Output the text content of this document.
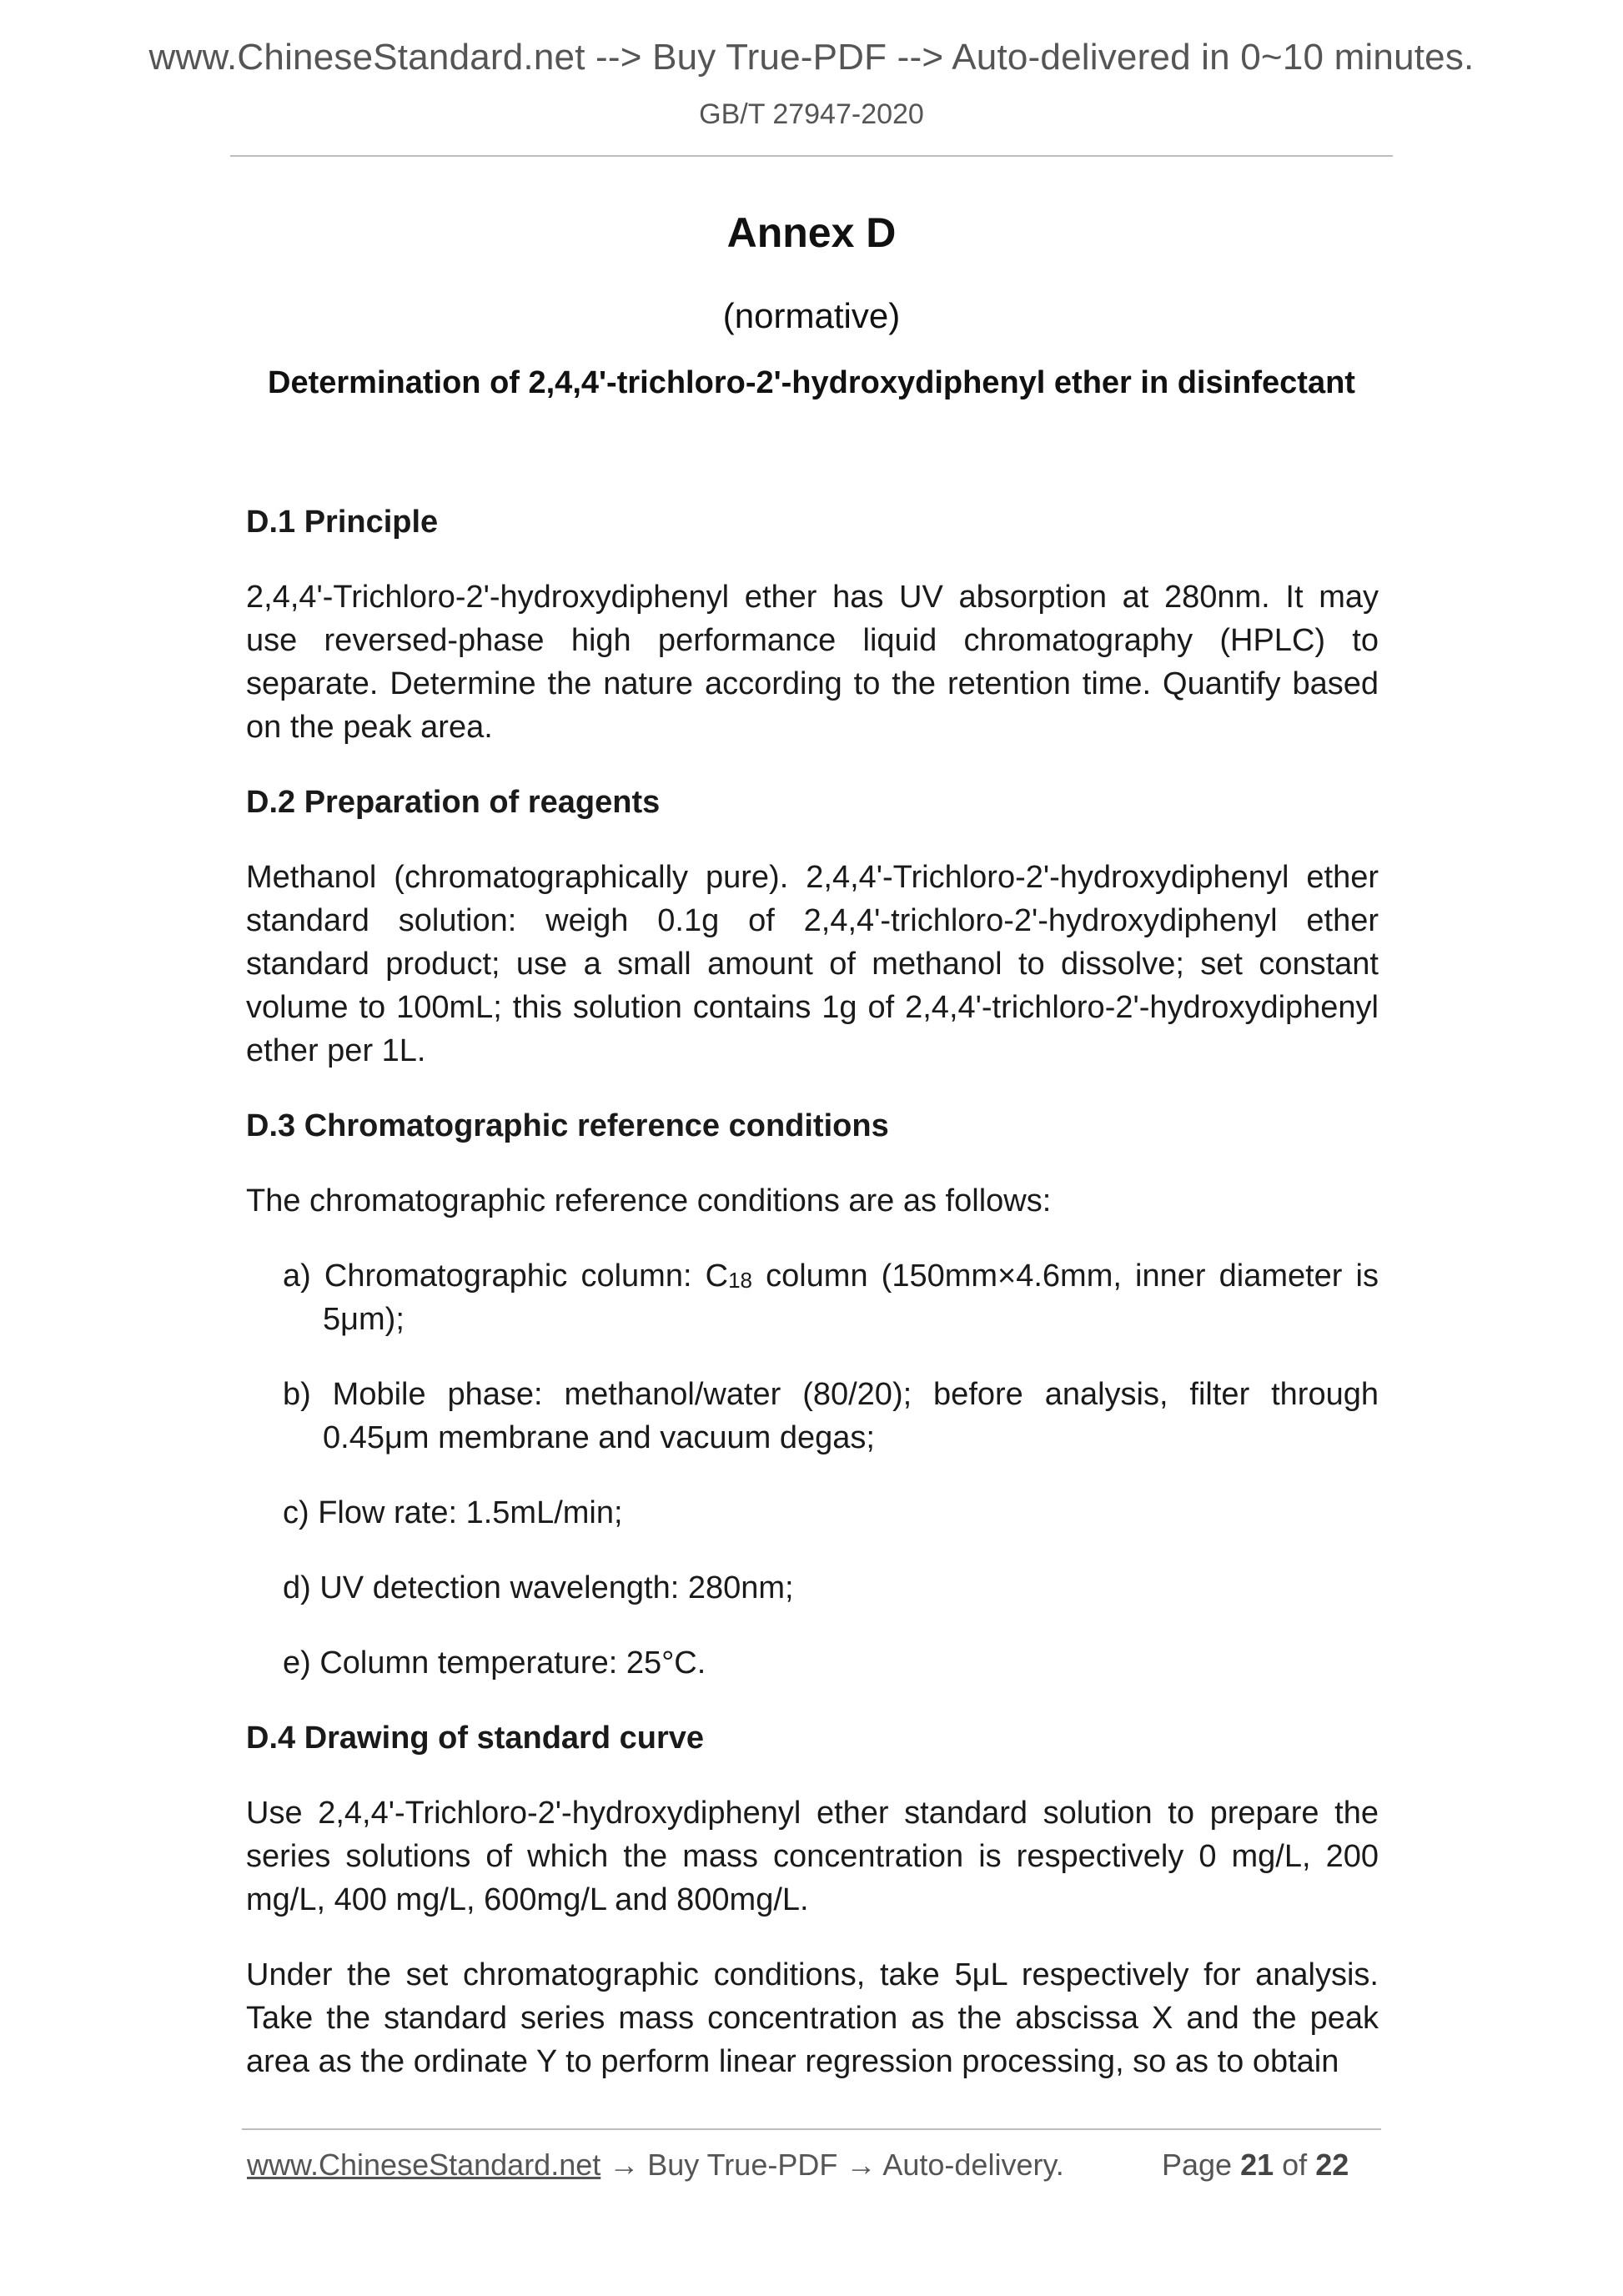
www.ChineseStandard.net --> Buy True-PDF --> Auto-delivered in 0~10 minutes.
GB/T 27947-2020
Annex D
(normative)
Determination of 2,4,4'-trichloro-2'-hydroxydiphenyl ether in disinfectant
D.1 Principle
2,4,4'-Trichloro-2'-hydroxydiphenyl ether has UV absorption at 280nm. It may use reversed-phase high performance liquid chromatography (HPLC) to separate. Determine the nature according to the retention time. Quantify based on the peak area.
D.2 Preparation of reagents
Methanol (chromatographically pure). 2,4,4'-Trichloro-2'-hydroxydiphenyl ether standard solution: weigh 0.1g of 2,4,4'-trichloro-2'-hydroxydiphenyl ether standard product; use a small amount of methanol to dissolve; set constant volume to 100mL; this solution contains 1g of 2,4,4'-trichloro-2'-hydroxydiphenyl ether per 1L.
D.3 Chromatographic reference conditions
The chromatographic reference conditions are as follows:
a) Chromatographic column: $C_{18}$ column (150mm×4.6mm, inner diameter is 5μm);
b) Mobile phase: methanol/water (80/20); before analysis, filter through 0.45μm membrane and vacuum degas;
c) Flow rate: 1.5mL/min;
d) UV detection wavelength: 280nm;
e) Column temperature: 25°C.
D.4 Drawing of standard curve
Use 2,4,4'-Trichloro-2'-hydroxydiphenyl ether standard solution to prepare the series solutions of which the mass concentration is respectively 0 mg/L, 200 mg/L, 400 mg/L, 600mg/L and 800mg/L.
Under the set chromatographic conditions, take 5μL respectively for analysis. Take the standard series mass concentration as the abscissa X and the peak area as the ordinate Y to perform linear regression processing, so as to obtain
www.ChineseStandard.net → Buy True-PDF → Auto-delivery.	Page 21 of 22
